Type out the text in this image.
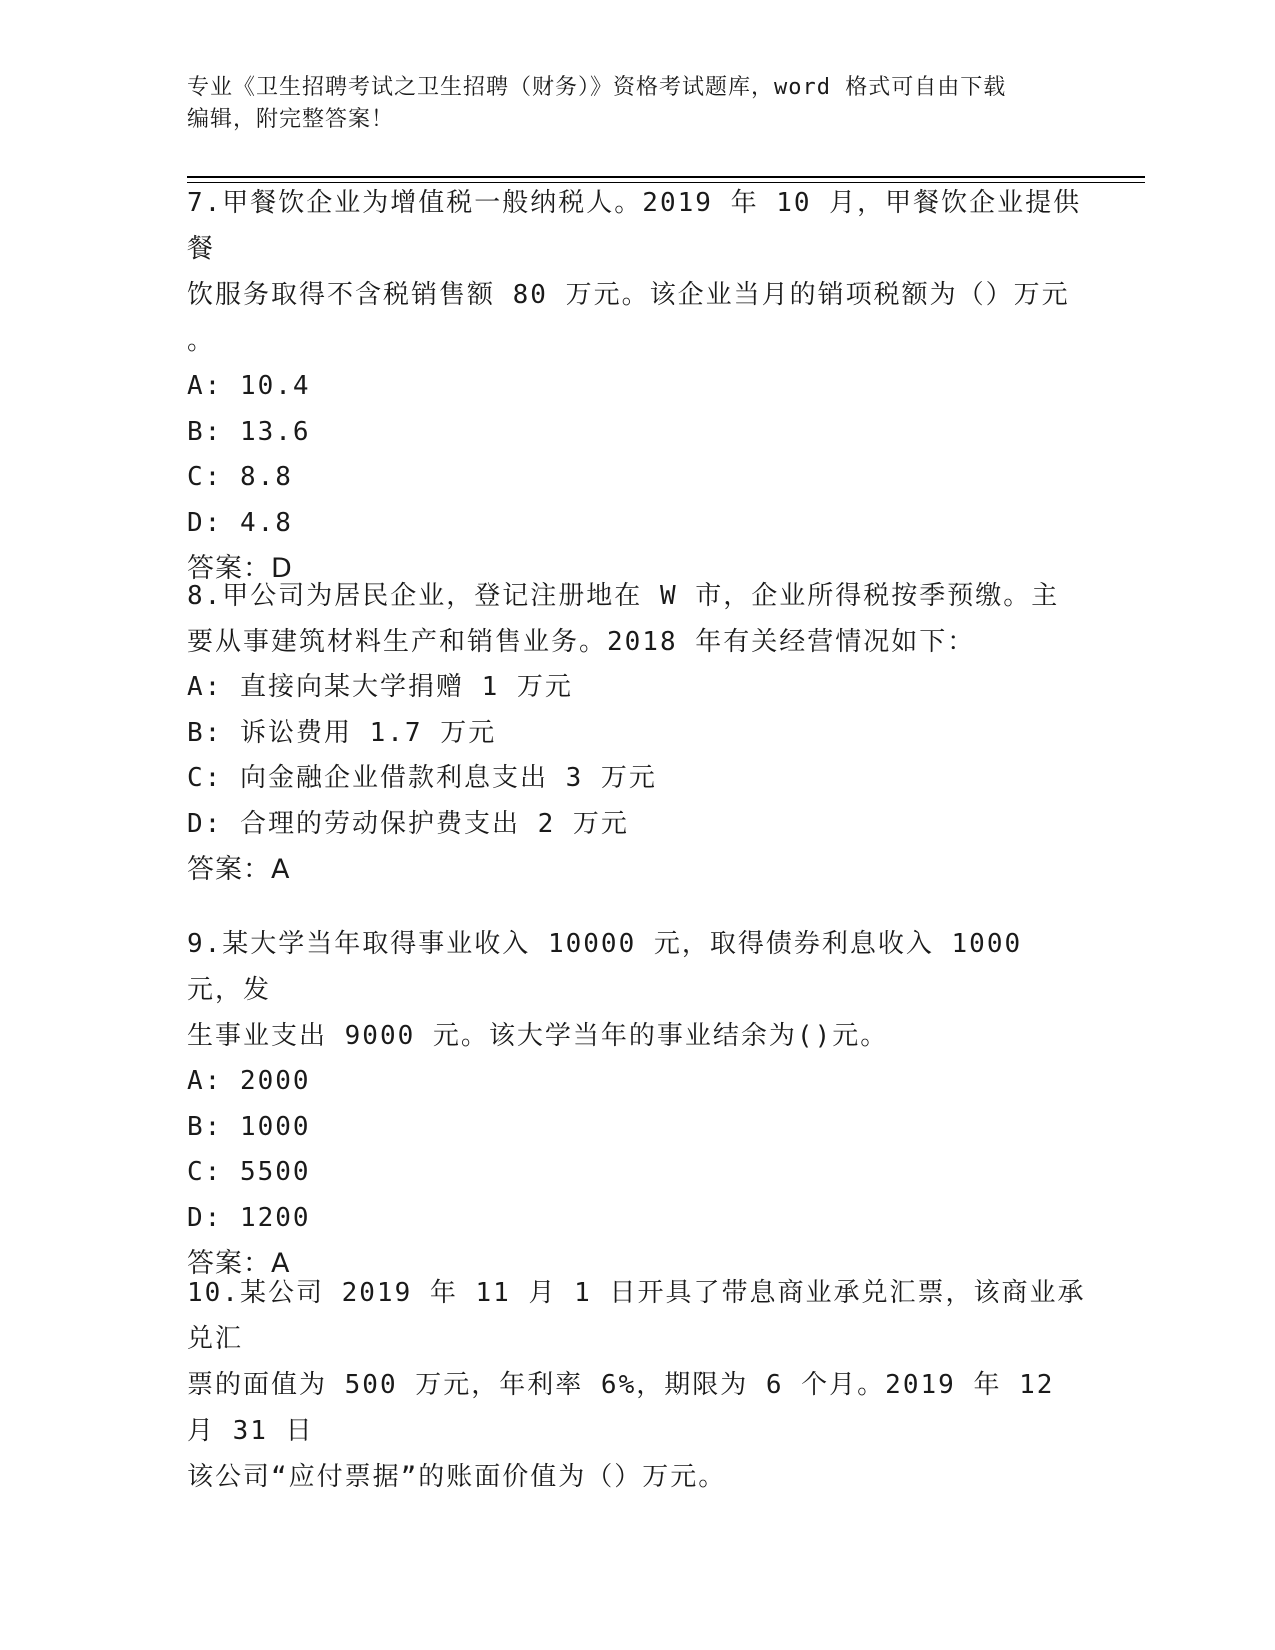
专业《卫生招聘考试之卫生招聘（财务）》资格考试题库，word 格式可自由下载
编辑，附完整答案！
7.甲餐饮企业为增值税一般纳税人。2019 年 10 月，甲餐饮企业提供餐
饮服务取得不含税销售额 80 万元。该企业当月的销项税额为（）万元
。
A: 10.4
B: 13.6
C: 8.8
D: 4.8
答案：D
8.甲公司为居民企业，登记注册地在 W 市，企业所得税按季预缴。主
要从事建筑材料生产和销售业务。2018 年有关经营情况如下：
A: 直接向某大学捐赠 1 万元
B: 诉讼费用 1.7 万元
C: 向金融企业借款利息支出 3 万元
D: 合理的劳动保护费支出 2 万元
答案：A
9.某大学当年取得事业收入 10000 元，取得债券利息收入 1000 元，发
生事业支出 9000 元。该大学当年的事业结余为()元。
A: 2000
B: 1000
C: 5500
D: 1200
答案：A
10.某公司 2019 年 11 月 1 日开具了带息商业承兑汇票，该商业承兑汇
票的面值为 500 万元，年利率 6%，期限为 6 个月。2019 年 12 月 31 日
该公司“应付票据”的账面价值为（）万元。
